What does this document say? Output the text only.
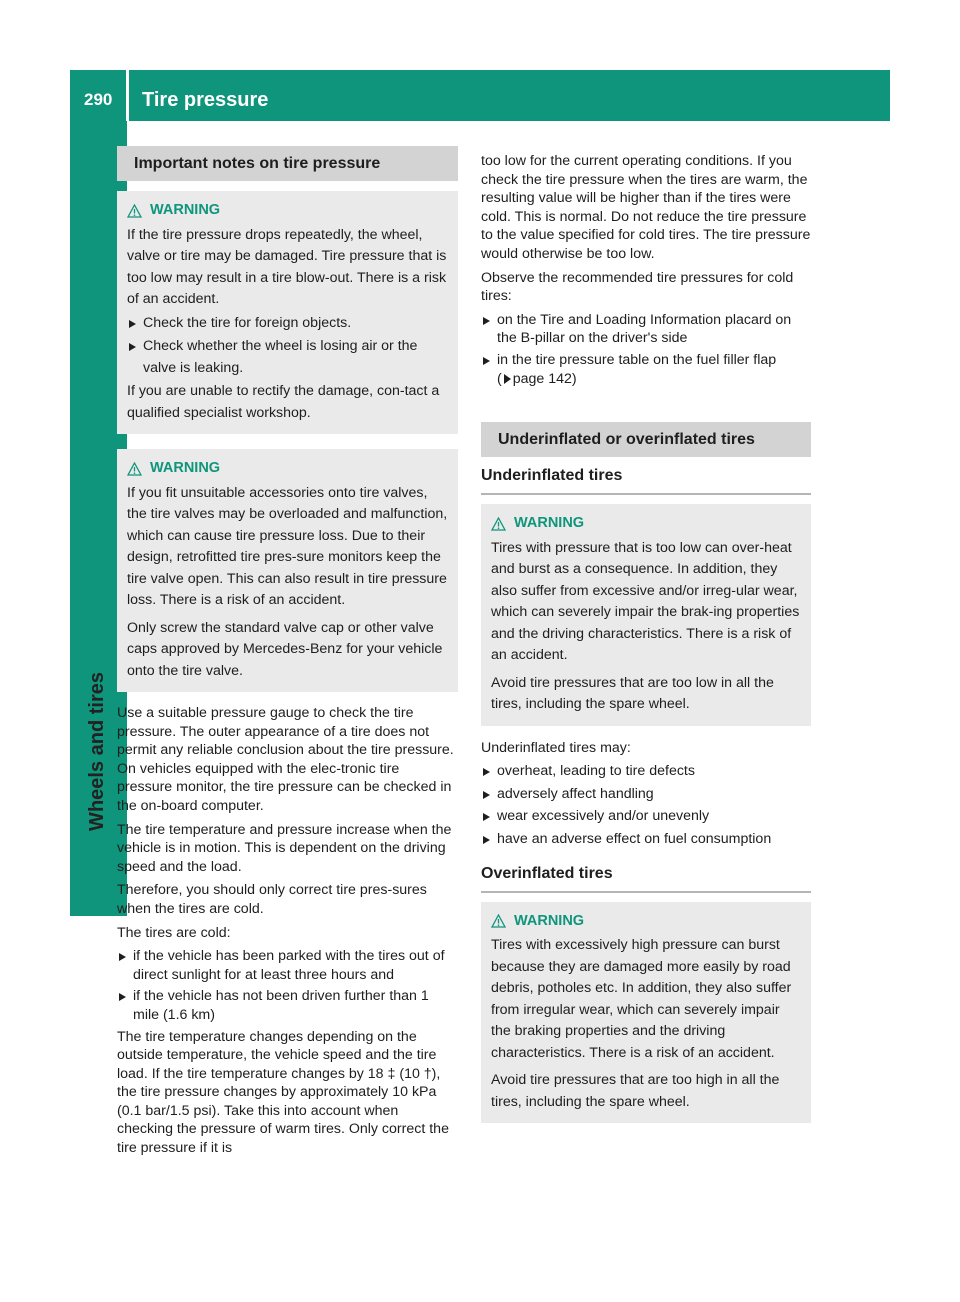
290 Tire pressure
Wheels and tires
Important notes on tire pressure
WARNING

If the tire pressure drops repeatedly, the wheel, valve or tire may be damaged. Tire pressure that is too low may result in a tire blow-out. There is a risk of an accident.

Check the tire for foreign objects.
Check whether the wheel is losing air or the valve is leaking.

If you are unable to rectify the damage, con-tact a qualified specialist workshop.

WARNING

If you fit unsuitable accessories onto tire valves, the tire valves may be overloaded and malfunction, which can cause tire pressure loss. Due to their design, retrofitted tire pres-sure monitors keep the tire valve open. This can also result in tire pressure loss. There is a risk of an accident.

Only screw the standard valve cap or other valve caps approved by Mercedes-Benz for your vehicle onto the tire valve.

Use a suitable pressure gauge to check the tire pressure. The outer appearance of a tire does not permit any reliable conclusion about the tire pressure. On vehicles equipped with the elec-tronic tire pressure monitor, the tire pressure can be checked in the on-board computer.

The tire temperature and pressure increase when the vehicle is in motion. This is dependent on the driving speed and the load.

Therefore, you should only correct tire pres-sures when the tires are cold.

The tires are cold:

if the vehicle has been parked with the tires out of direct sunlight for at least three hours and
if the vehicle has not been driven further than 1 mile (1.6 km)

The tire temperature changes depending on the outside temperature, the vehicle speed and the tire load. If the tire temperature changes by 18 ‡ (10 †), the tire pressure changes by approximately 10 kPa (0.1 bar/1.5 psi). Take this into account when checking the pressure of warm tires. Only correct the tire pressure if it is

too low for the current operating conditions. If you check the tire pressure when the tires are warm, the resulting value will be higher than if the tires were cold. This is normal. Do not reduce the tire pressure to the value specified for cold tires. The tire pressure would otherwise be too low.

Observe the recommended tire pressures for cold tires:

on the Tire and Loading Information placard on the B-pillar on the driver's side
in the tire pressure table on the fuel filler flap
( page 142)
Underinflated or overinflated tires
Underinflated tires
WARNING

Tires with pressure that is too low can over-heat and burst as a consequence. In addition, they also suffer from excessive and/or irreg-ular wear, which can severely impair the brak-ing properties and the driving characteristics. There is a risk of an accident.

Avoid tire pressures that are too low in all the tires, including the spare wheel.

Underinflated tires may:

overheat, leading to tire defects
adversely affect handling
wear excessively and/or unevenly
have an adverse effect on fuel consumption
Overinflated tires
WARNING

Tires with excessively high pressure can burst because they are damaged more easily by road debris, potholes etc. In addition, they also suffer from irregular wear, which can severely impair the braking properties and the driving characteristics. There is a risk of an accident.

Avoid tire pressures that are too high in all the tires, including the spare wheel.
